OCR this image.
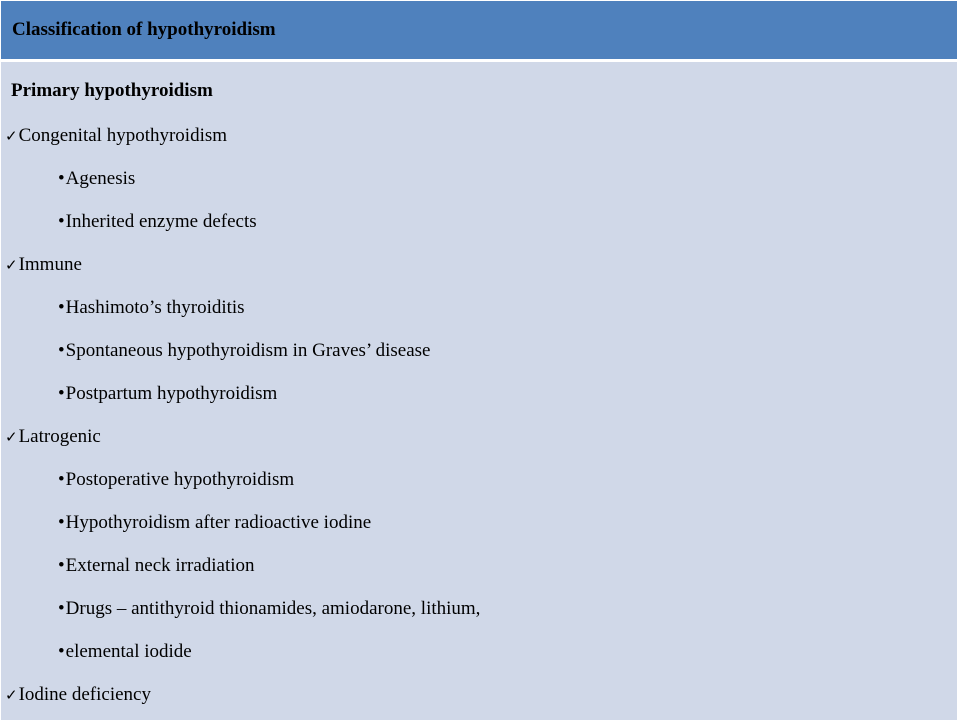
Classification of hypothyroidism
Primary hypothyroidism
✓Congenital hypothyroidism
•Agenesis
•Inherited enzyme defects
✓Immune
•Hashimoto’s thyroiditis
•Spontaneous hypothyroidism in Graves’ disease
•Postpartum hypothyroidism
✓Latrogenic
•Postoperative hypothyroidism
•Hypothyroidism after radioactive iodine
•External neck irradiation
•Drugs – antithyroid thionamides, amiodarone, lithium,
•elemental iodide
✓Iodine deficiency
